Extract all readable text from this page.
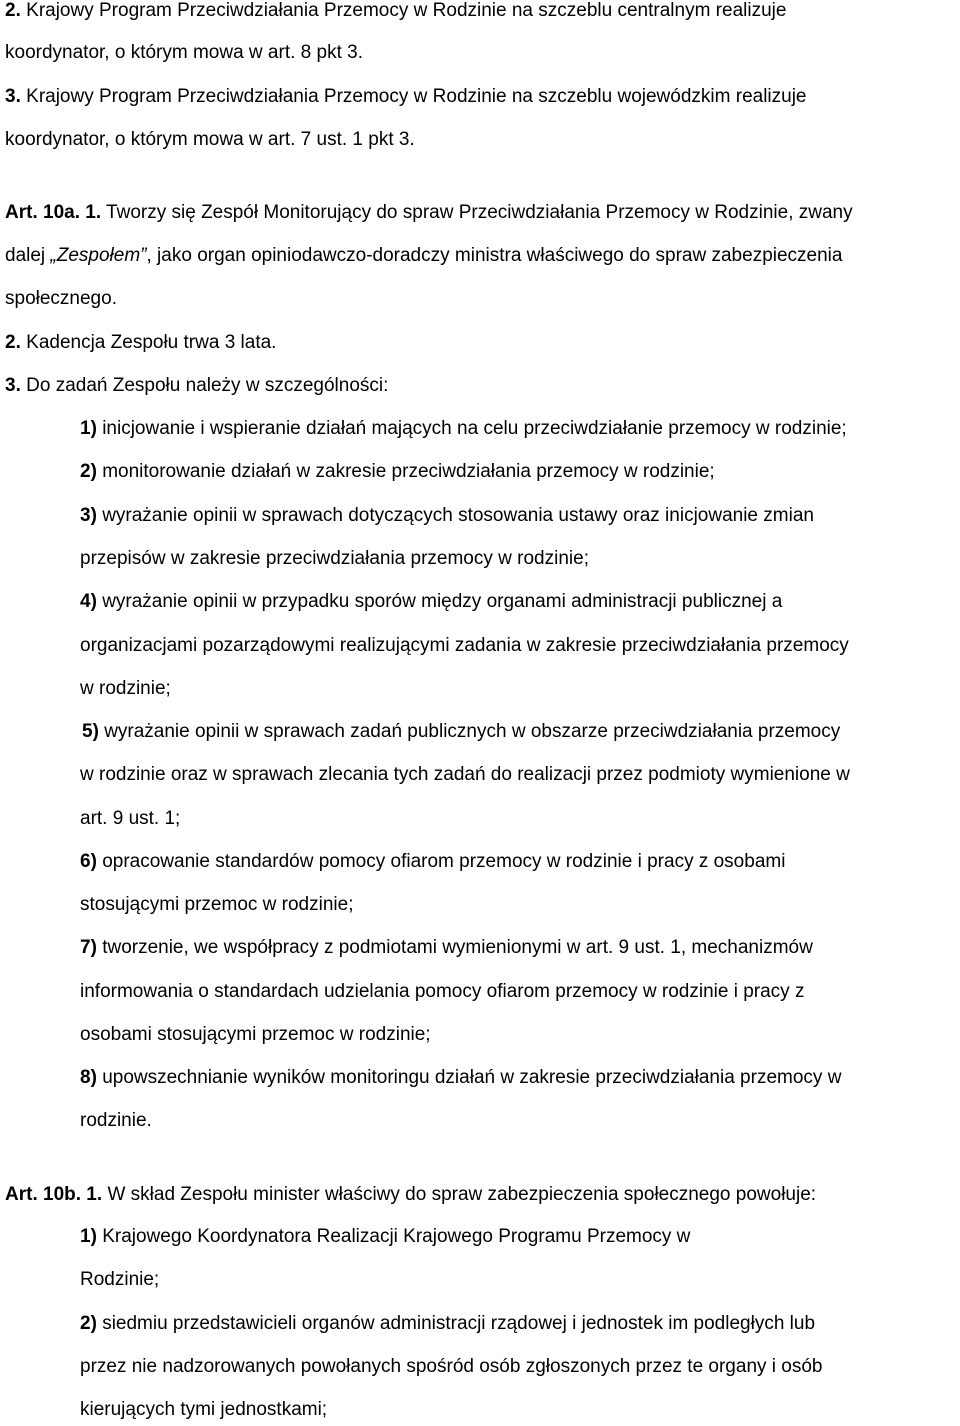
2. Krajowy Program Przeciwdziałania Przemocy w Rodzinie na szczeblu centralnym realizuje
koordynator, o którym mowa w art. 8 pkt 3.
3. Krajowy Program Przeciwdziałania Przemocy w Rodzinie na szczeblu wojewódzkim realizuje
koordynator, o którym mowa w art. 7 ust. 1 pkt 3.
Art. 10a. 1. Tworzy się Zespół Monitorujący do spraw Przeciwdziałania Przemocy w Rodzinie, zwany
dalej „Zespołem”, jako organ opiniodawczo-doradczy ministra właściwego do spraw zabezpieczenia
społecznego.
2. Kadencja Zespołu trwa 3 lata.
3. Do zadań Zespołu należy w szczególności:
1) inicjowanie i wspieranie działań mających na celu przeciwdziałanie przemocy w rodzinie;
2) monitorowanie działań w zakresie przeciwdziałania przemocy w rodzinie;
3) wyrażanie opinii w sprawach dotyczących stosowania ustawy oraz inicjowanie zmian
przepisów w zakresie przeciwdziałania przemocy w rodzinie;
4) wyrażanie opinii w przypadku sporów między organami administracji publicznej a
organizacjami pozarządowymi realizującymi zadania w zakresie przeciwdziałania przemocy
w rodzinie;
5) wyrażanie opinii w sprawach zadań publicznych w obszarze przeciwdziałania przemocy
w rodzinie oraz w sprawach zlecania tych zadań do realizacji przez podmioty wymienione w
art. 9 ust. 1;
6) opracowanie standardów pomocy ofiarom przemocy w rodzinie i pracy z osobami
stosującymi przemoc w rodzinie;
7) tworzenie, we współpracy z podmiotami wymienionymi w art. 9 ust. 1, mechanizmów
informowania o standardach udzielania pomocy ofiarom przemocy w rodzinie i pracy z
osobami stosującymi przemoc w rodzinie;
8) upowszechnianie wyników monitoringu działań w zakresie przeciwdziałania przemocy w
rodzinie.
Art. 10b. 1. W skład Zespołu minister właściwy do spraw zabezpieczenia społecznego powołuje:
1) Krajowego Koordynatora Realizacji Krajowego Programu Przemocy w
Rodzinie;
2) siedmiu przedstawicieli organów administracji rządowej i jednostek im podległych lub
przez nie nadzorowanych powołanych spośród osób zgłoszonych przez te organy i osób
kierujących tymi jednostkami;
